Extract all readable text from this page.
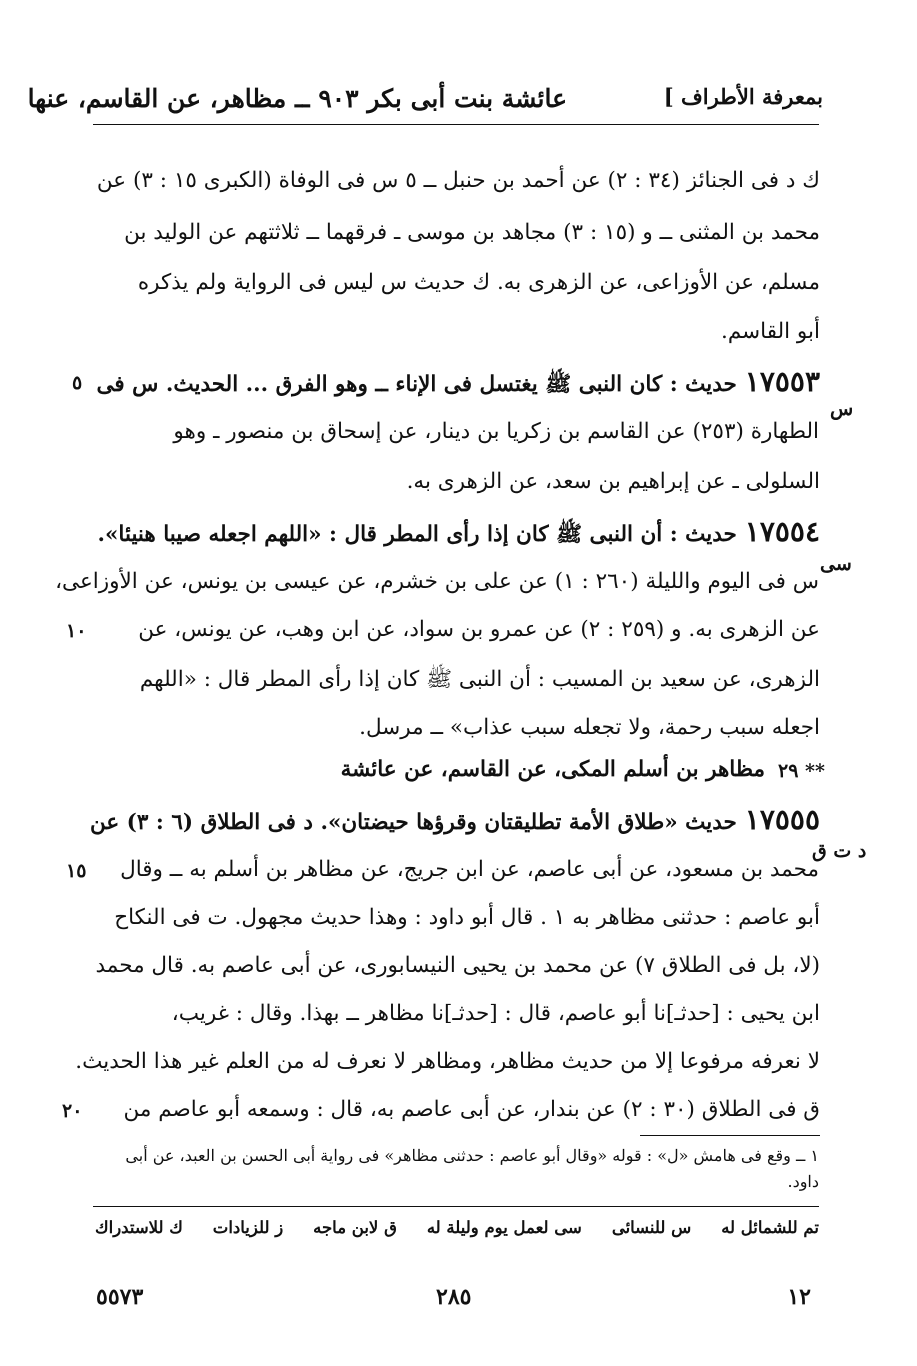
بمعرفة الأطراف ]
عائشة بنت أبى بكر ٩٠٣ ــ مظاهر، عن القاسم، عنها
ك د فى الجنائز (٣٤ : ٢) عن أحمد بن حنبل ــ ٥ س فى الوفاة (الكبرى ١٥ : ٣) عن
محمد بن المثنى ــ و (١٥ : ٣) مجاهد بن موسى ـ فرقهما ــ ثلاثتهم عن الوليد بن
مسلم، عن الأوزاعى، عن الزهرى به. ك حديث س ليس فى الرواية ولم يذكره
أبو القاسم.
١٧٥٥٣حديث : كان النبى ﷺ يغتسل فى الإناء ــ وهو الفرق ... الحديث. س فى
الطهارة (٢٥٣) عن القاسم بن زكريا بن دينار، عن إسحاق بن منصور ـ وهو
السلولى ـ عن إبراهيم بن سعد، عن الزهرى به.
١٧٥٥٤حديث : أن النبى ﷺ كان إذا رأى المطر قال : «اللهم اجعله صيبا هنيئا».
س فى اليوم والليلة (٢٦٠ : ١) عن على بن خشرم، عن عيسى بن يونس، عن الأوزاعى،
عن الزهرى به. و (٢٥٩ : ٢) عن عمرو بن سواد، عن ابن وهب، عن يونس، عن
الزهرى، عن سعيد بن المسيب : أن النبى ﷺ كان إذا رأى المطر قال : «اللهم
اجعله سبب رحمة، ولا تجعله سبب عذاب» ــ مرسل.
مظاهر بن أسلم المكى، عن القاسم، عن عائشة
١٧٥٥٥حديث «طلاق الأمة تطليقتان وقرؤها حيضتان». د فى الطلاق (٦ : ٣) عن
محمد بن مسعود، عن أبى عاصم، عن ابن جريج، عن مظاهر بن أسلم به ــ وقال
أبو عاصم : حدثنى مظاهر به ١ . قال أبو داود : وهذا حديث مجهول. ت فى النكاح
(لا، بل فى الطلاق ٧) عن محمد بن يحيى النيسابورى، عن أبى عاصم به. قال محمد
ابن يحيى : [حدثـ]نا أبو عاصم، قال : [حدثـ]نا مظاهر ــ بهذا. وقال : غريب،
لا نعرفه مرفوعا إلا من حديث مظاهر، ومظاهر لا نعرف له من العلم غير هذا الحديث.
ق فى الطلاق (٣٠ : ٢) عن بندار، عن أبى عاصم به، قال : وسمعه أبو عاصم من
٥
س
سى
١٠
٢٩ **
د ت ق
١٥
٢٠
١ ــ وقع فى هامش «ل» : قوله «وقال أبو عاصم : حدثنى مظاهر» فى رواية أبى الحسن بن العبد، عن أبى
داود.
تم للشمائل له
س للنسائى
سى لعمل يوم وليلة له
ق لابن ماجه
ز للزيادات
ك للاستدراك
١٢
٢٨٥
٥٥٧٣
